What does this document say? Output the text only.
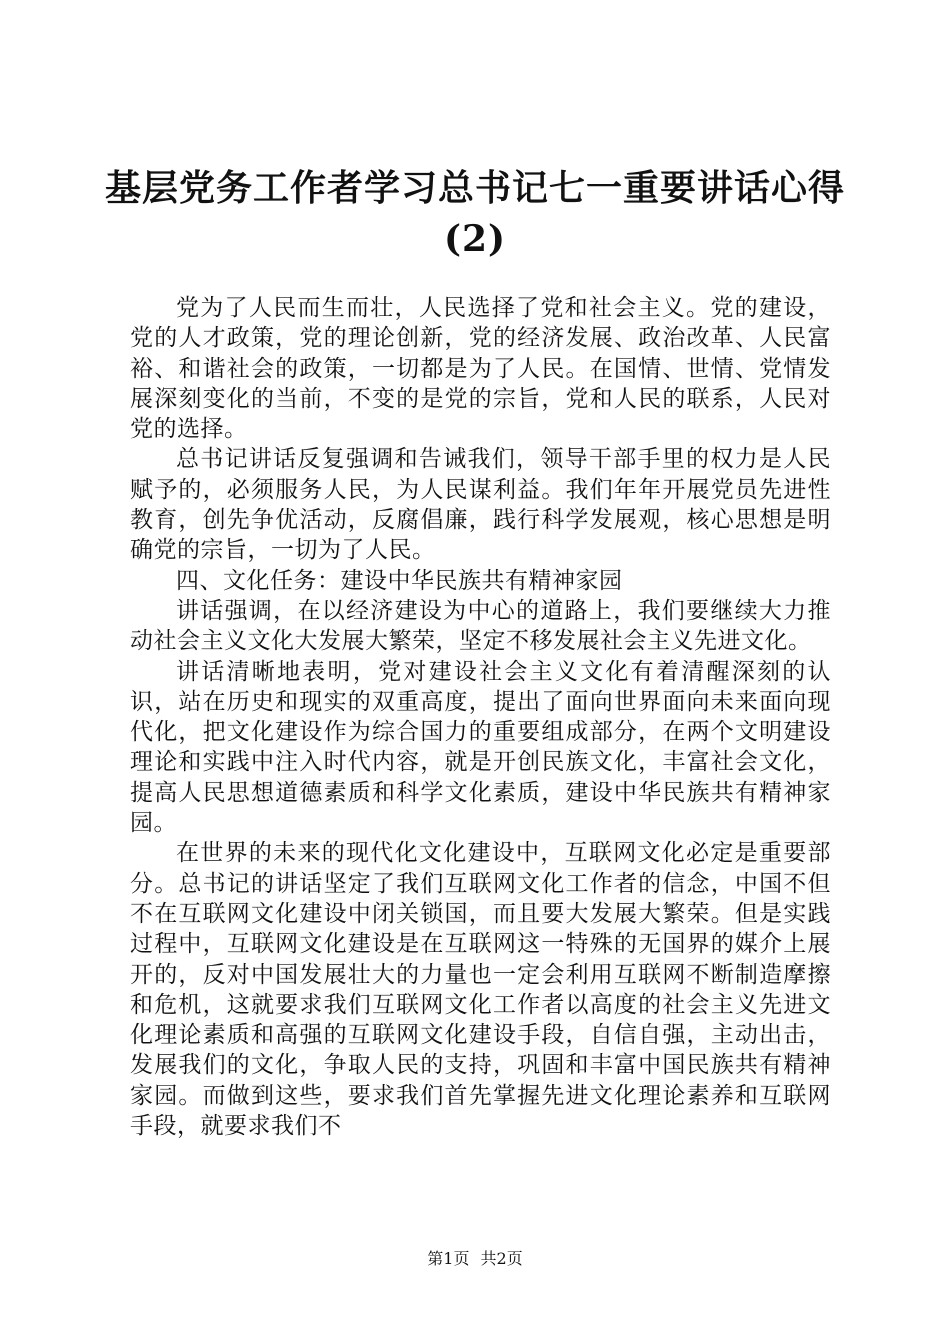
基层党务工作者学习总书记七一重要讲话心得
(2)

党为了人民而生而壮，人民选择了党和社会主义。党的建设，党的人才政策，党的理论创新，党的经济发展、政治改革、人民富裕、和谐社会的政策，一切都是为了人民。在国情、世情、党情发展深刻变化的当前，不变的是党的宗旨，党和人民的联系，人民对党的选择。

总书记讲话反复强调和告诫我们，领导干部手里的权力是人民赋予的，必须服务人民，为人民谋利益。我们年年开展党员先进性教育，创先争优活动，反腐倡廉，践行科学发展观，核心思想是明确党的宗旨，一切为了人民。

四、文化任务：建设中华民族共有精神家园

讲话强调，在以经济建设为中心的道路上，我们要继续大力推动社会主义文化大发展大繁荣，坚定不移发展社会主义先进文化。

讲话清晰地表明，党对建设社会主义文化有着清醒深刻的认识，站在历史和现实的双重高度，提出了面向世界面向未来面向现代化，把文化建设作为综合国力的重要组成部分，在两个文明建设理论和实践中注入时代内容，就是开创民族文化，丰富社会文化，提高人民思想道德素质和科学文化素质，建设中华民族共有精神家园。

在世界的未来的现代化文化建设中，互联网文化必定是重要部分。总书记的讲话坚定了我们互联网文化工作者的信念，中国不但不在互联网文化建设中闭关锁国，而且要大发展大繁荣。但是实践过程中，互联网文化建设是在互联网这一特殊的无国界的媒介上展开的，反对中国发展壮大的力量也一定会利用互联网不断制造摩擦和危机，这就要求我们互联网文化工作者以高度的社会主义先进文化理论素质和高强的互联网文化建设手段，自信自强，主动出击，发展我们的文化，争取人民的支持，巩固和丰富中国民族共有精神家园。而做到这些，要求我们首先掌握先进文化理论素养和互联网手段，就要求我们不

第1页 共2页
